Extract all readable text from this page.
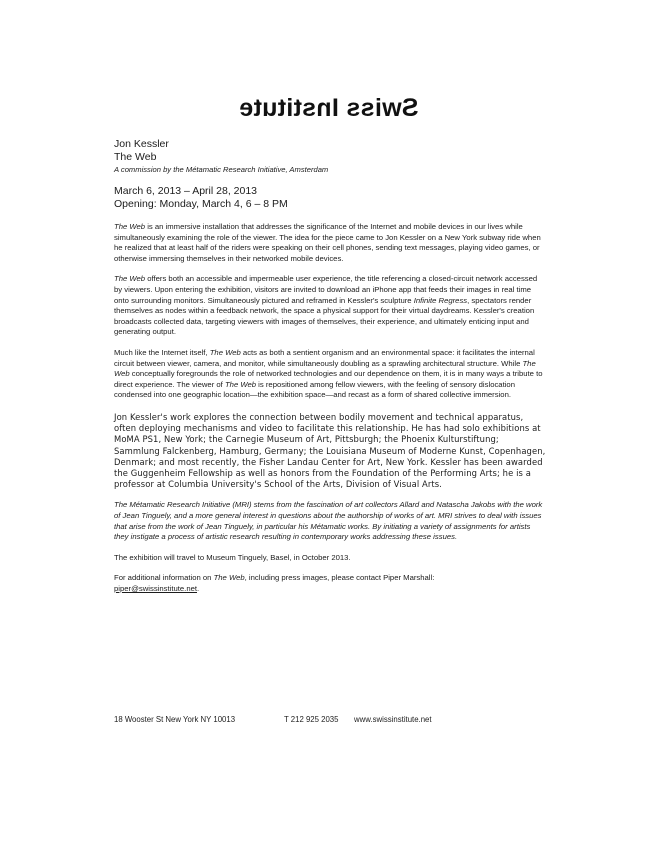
Swiss Institute
Jon Kessler
The Web
A commission by the Métamatic Research Initiative, Amsterdam
March 6, 2013 – April 28, 2013
Opening: Monday, March 4, 6 – 8 PM

The Web is an immersive installation that addresses the significance of the Internet and mobile devices in our lives while simultaneously examining the role of the viewer. The idea for the piece came to Jon Kessler on a New York subway ride when he realized that at least half of the riders were speaking on their cell phones, sending text messages, playing video games, or otherwise immersing themselves in their networked mobile devices.

The Web offers both an accessible and impermeable user experience, the title referencing a closed-circuit network accessed by viewers. Upon entering the exhibition, visitors are invited to download an iPhone app that feeds their images in real time onto surrounding monitors. Simultaneously pictured and reframed in Kessler's sculpture Infinite Regress, spectators render themselves as nodes within a feedback network, the space a physical support for their virtual daydreams. Kessler's creation broadcasts collected data, targeting viewers with images of themselves, their experience, and ultimately enticing input and generating output.

Much like the Internet itself, The Web acts as both a sentient organism and an environmental space: it facilitates the internal circuit between viewer, camera, and monitor, while simultaneously doubling as a sprawling architectural structure. While The Web conceptually foregrounds the role of networked technologies and our dependence on them, it is in many ways a tribute to direct experience. The viewer of The Web is repositioned among fellow viewers, with the feeling of sensory dislocation condensed into one geographic location—the exhibition space—and recast as a form of shared collective immersion.

Jon Kessler's work explores the connection between bodily movement and technical apparatus, often deploying mechanisms and video to facilitate this relationship. He has had solo exhibitions at MoMA PS1, New York; the Carnegie Museum of Art, Pittsburgh; the Phoenix Kulturstiftung; Sammlung Falckenberg, Hamburg, Germany; the Louisiana Museum of Moderne Kunst, Copenhagen, Denmark; and most recently, the Fisher Landau Center for Art, New York. Kessler has been awarded the Guggenheim Fellowship as well as honors from the Foundation of the Performing Arts; he is a professor at Columbia University's School of the Arts, Division of Visual Arts.

The Métamatic Research Initiative (MRI) stems from the fascination of art collectors Allard and Natascha Jakobs with the work of Jean Tinguely, and a more general interest in questions about the authorship of works of art. MRI strives to deal with issues that arise from the work of Jean Tinguely, in particular his Métamatic works. By initiating a variety of assignments for artists they instigate a process of artistic research resulting in contemporary works addressing these issues.

The exhibition will travel to Museum Tinguely, Basel, in October 2013.

For additional information on The Web, including press images, please contact Piper Marshall:
piper@swissinstitute.net.

18 Wooster St New York NY 10013	T 212 925 2035 www.swissinstitute.net
